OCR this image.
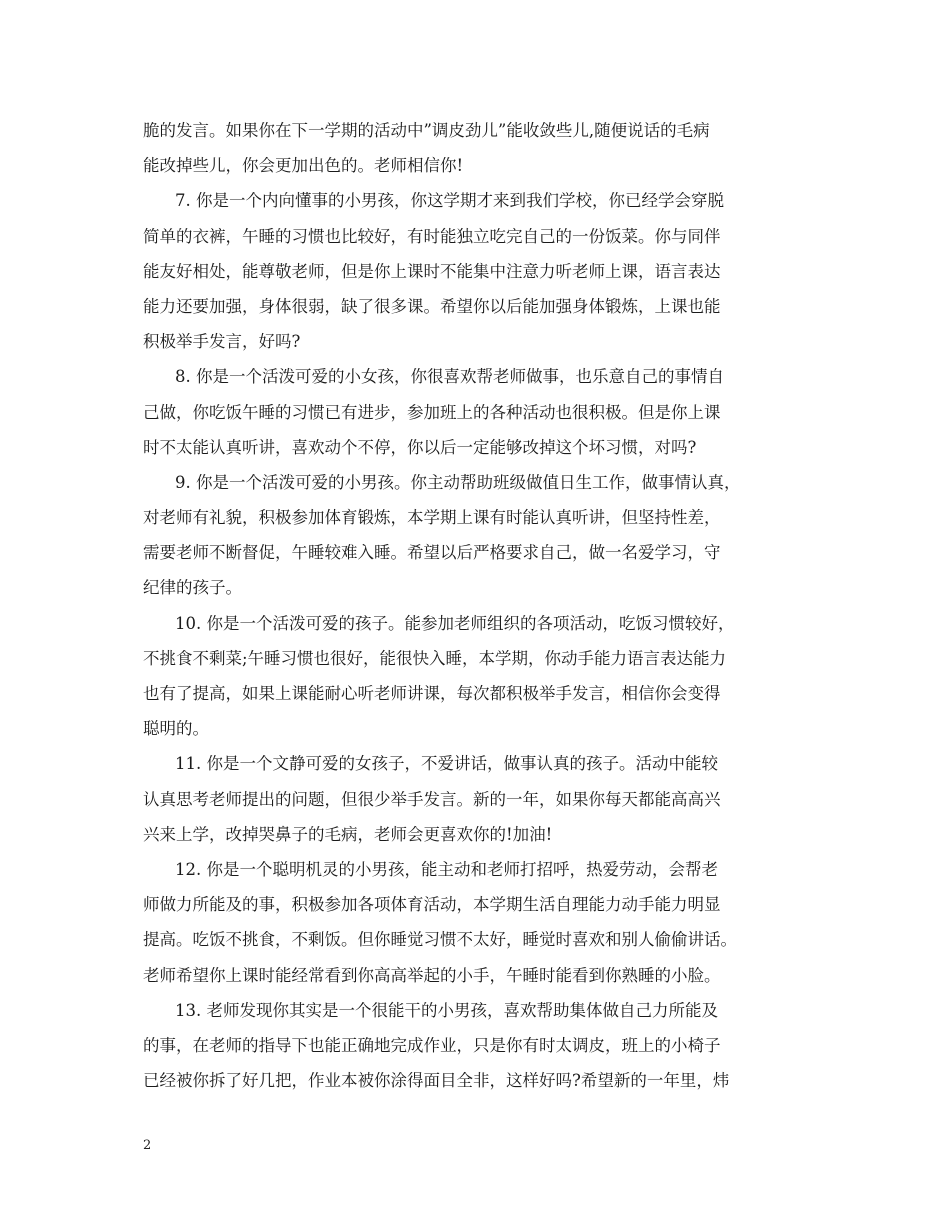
脆的发言。如果你在下一学期的活动中”调皮劲儿”能收敛些儿,随便说话的毛病
能改掉些儿，你会更加出色的。老师相信你!
7. 你是一个内向懂事的小男孩，你这学期才来到我们学校，你已经学会穿脱
简单的衣裤，午睡的习惯也比较好，有时能独立吃完自己的一份饭菜。你与同伴
能友好相处，能尊敬老师，但是你上课时不能集中注意力听老师上课，语言表达
能力还要加强，身体很弱，缺了很多课。希望你以后能加强身体锻炼，上课也能
积极举手发言，好吗?
8. 你是一个活泼可爱的小女孩，你很喜欢帮老师做事，也乐意自己的事情自
己做，你吃饭午睡的习惯已有进步，参加班上的各种活动也很积极。但是你上课
时不太能认真听讲，喜欢动个不停，你以后一定能够改掉这个坏习惯，对吗?
9. 你是一个活泼可爱的小男孩。你主动帮助班级做值日生工作，做事情认真，
对老师有礼貌，积极参加体育锻炼，本学期上课有时能认真听讲，但坚持性差，
需要老师不断督促，午睡较难入睡。希望以后严格要求自己，做一名爱学习，守
纪律的孩子。
10. 你是一个活泼可爱的孩子。能参加老师组织的各项活动，吃饭习惯较好，
不挑食不剩菜;午睡习惯也很好，能很快入睡，本学期，你动手能力语言表达能力
也有了提高，如果上课能耐心听老师讲课，每次都积极举手发言，相信你会变得
聪明的。
11. 你是一个文静可爱的女孩子，不爱讲话，做事认真的孩子。活动中能较
认真思考老师提出的问题，但很少举手发言。新的一年，如果你每天都能高高兴
兴来上学，改掉哭鼻子的毛病，老师会更喜欢你的!加油!
12. 你是一个聪明机灵的小男孩，能主动和老师打招呼，热爱劳动，会帮老
师做力所能及的事，积极参加各项体育活动，本学期生活自理能力动手能力明显
提高。吃饭不挑食，不剩饭。但你睡觉习惯不太好，睡觉时喜欢和别人偷偷讲话。
老师希望你上课时能经常看到你高高举起的小手，午睡时能看到你熟睡的小脸。
13. 老师发现你其实是一个很能干的小男孩，喜欢帮助集体做自己力所能及
的事，在老师的指导下也能正确地完成作业，只是你有时太调皮，班上的小椅子
已经被你拆了好几把，作业本被你涂得面目全非，这样好吗?希望新的一年里，炜
2
